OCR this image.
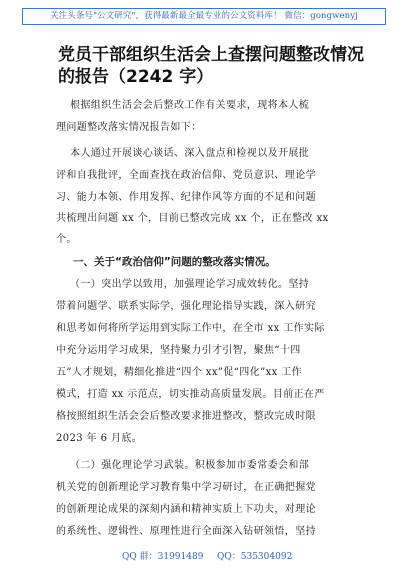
关注头条号"公文研究"，获得最新最全最专业的公文资料库！ 微信：gongwenyj
党员干部组织生活会上查摆问题整改情况
的报告（2242 字）
根据组织生活会会后整改工作有关要求，现将本人梳
理问题整改落实情况报告如下：
本人通过开展谈心谈话、深入盘点和检视以及开展批
评和自我批评，全面查找在政治信仰、党员意识、理论学
习、能力本领、作用发挥、纪律作风等方面的不足和问题
共梳理出问题 xx 个，目前已整改完成 xx 个，正在整改 xx
个。
一、关于“政治信仰”问题的整改落实情况。
（一）突出学以致用，加强理论学习成效转化。坚持
带着问题学、联系实际学，强化理论指导实践，深入研究
和思考如何将所学运用到实际工作中，在全市 xx 工作实际
中充分运用学习成果，坚持聚力引才引智，聚焦“十四
五”人才规划，精细化推进“四个 xx”促“四化”xx 工作
模式，打造 xx 示范点，切实推动高质量发展。目前正在严
格按照组织生活会会后整改要求推进整改，整改完成时限
2023 年 6 月底。
（二）强化理论学习武装。积极参加市委常委会和部
机关党的创新理论学习教育集中学习研讨，在正确把握党
的创新理论成果的深刻内涵和精神实质上下功夫，对理论
的系统性、逻辑性、原理性进行全面深入钻研领悟，坚持
QQ 群：31991489 QQ：535304092
